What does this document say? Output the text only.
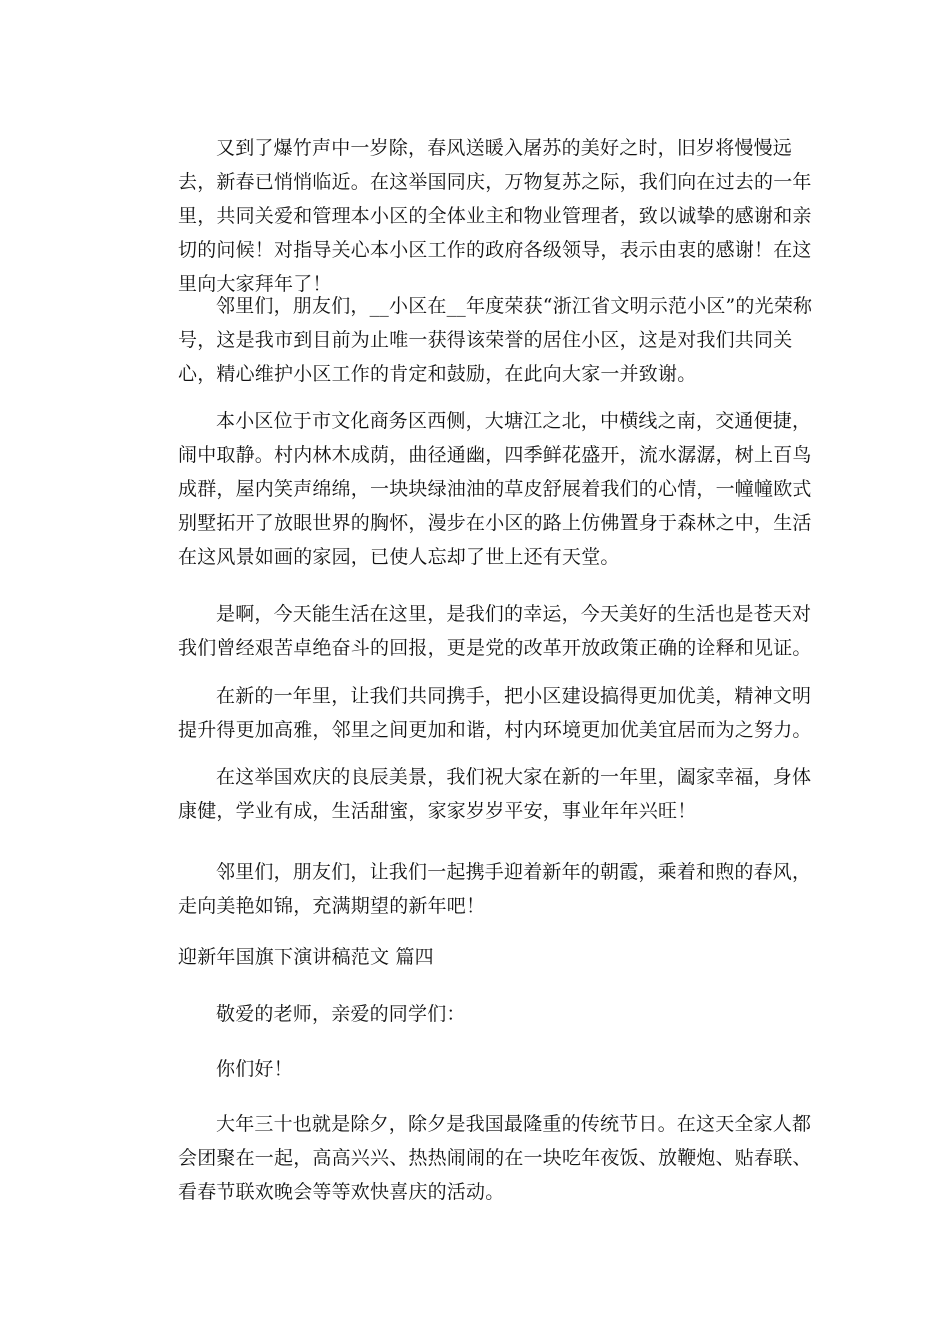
又到了爆竹声中一岁除，春风送暖入屠苏的美好之时，旧岁将慢慢远去，新春已悄悄临近。在这举国同庆，万物复苏之际，我们向在过去的一年里，共同关爱和管理本小区的全体业主和物业管理者，致以诚挚的感谢和亲切的问候！对指导关心本小区工作的政府各级领导，表示由衷的感谢！在这里向大家拜年了！

邻里们，朋友们，__小区在__年度荣获“浙江省文明示范小区”的光荣称号，这是我市到目前为止唯一获得该荣誉的居住小区，这是对我们共同关心，精心维护小区工作的肯定和鼓励，在此向大家一并致谢。

本小区位于市文化商务区西侧，大塘江之北，中横线之南，交通便捷，闹中取静。村内林木成荫，曲径通幽，四季鲜花盛开，流水潺潺，树上百鸟成群，屋内笑声绵绵，一块块绿油油的草皮舒展着我们的心情，一幢幢欧式别墅拓开了放眼世界的胸怀，漫步在小区的路上仿佛置身于森林之中，生活在这风景如画的家园，已使人忘却了世上还有天堂。

是啊，今天能生活在这里，是我们的幸运，今天美好的生活也是苍天对我们曾经艰苦卓绝奋斗的回报，更是党的改革开放政策正确的诠释和见证。

在新的一年里，让我们共同携手，把小区建设搞得更加优美，精神文明提升得更加高雅，邻里之间更加和谐，村内环境更加优美宜居而为之努力。

在这举国欢庆的良辰美景，我们祝大家在新的一年里，阖家幸福，身体康健，学业有成，生活甜蜜，家家岁岁平安，事业年年兴旺！

邻里们，朋友们，让我们一起携手迎着新年的朝霞，乘着和煦的春风，走向美艳如锦，充满期望的新年吧！

迎新年国旗下演讲稿范文 篇四

敬爱的老师，亲爱的同学们：

你们好！

大年三十也就是除夕，除夕是我国最隆重的传统节日。在这天全家人都会团聚在一起，高高兴兴、热热闹闹的在一块吃年夜饭、放鞭炮、贴春联、看春节联欢晚会等等欢快喜庆的活动。
